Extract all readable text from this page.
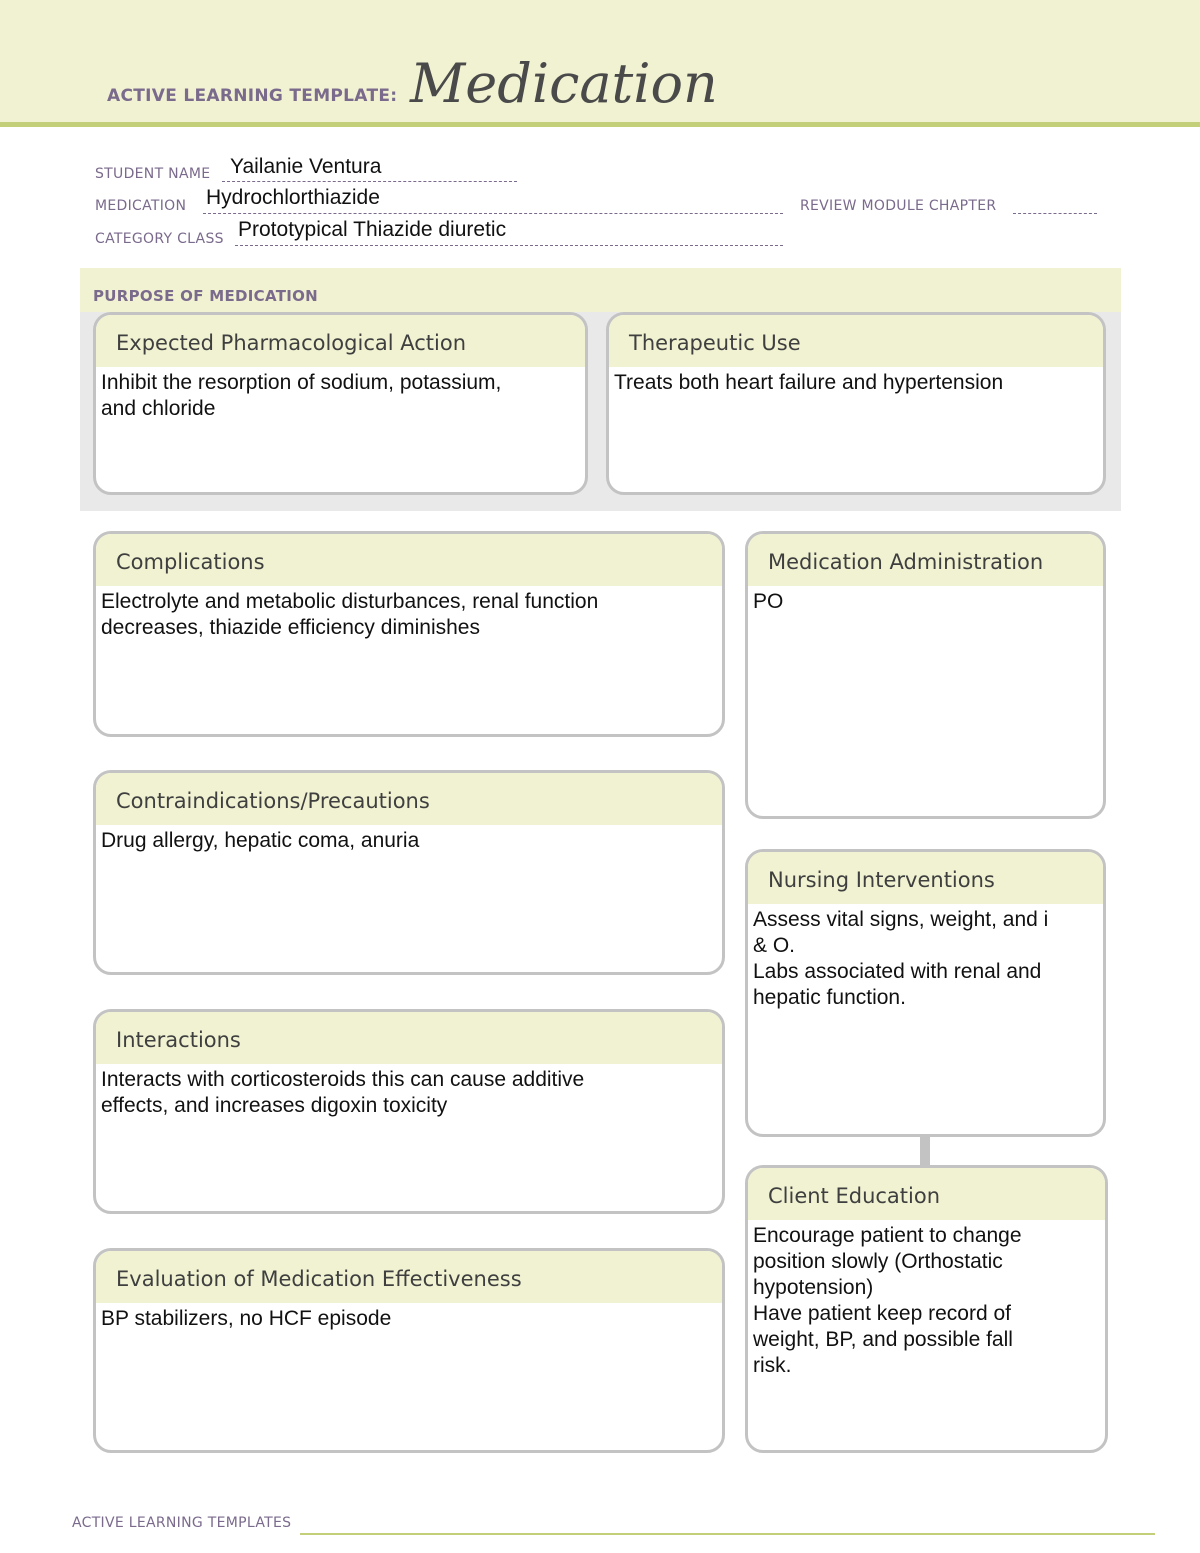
ACTIVE LEARNING TEMPLATE: Medication
STUDENT NAME Yailanie Ventura
MEDICATION Hydrochlorthiazide	REVIEW MODULE CHAPTER
CATEGORY CLASS Prototypical Thiazide diuretic
PURPOSE OF MEDICATION
Expected Pharmacological Action
Inhibit the resorption of sodium, potassium,
and chloride
Therapeutic Use
Treats both heart failure and hypertension
Complications
Electrolyte and metabolic disturbances, renal function
decreases, thiazide efficiency diminishes
Contraindications/Precautions
Drug allergy, hepatic coma, anuria
Interactions
Interacts with corticosteroids this can cause additive
effects, and increases digoxin toxicity
Evaluation of Medication Effectiveness
BP stabilizers, no HCF episode
Medication Administration
PO
Nursing Interventions
Assess vital signs, weight, and i
& O.
Labs associated with renal and
hepatic function.
Client Education
Encourage patient to change
position slowly (Orthostatic
hypotension)
Have patient keep record of
weight, BP, and possible fall
risk.
ACTIVE LEARNING TEMPLATES
